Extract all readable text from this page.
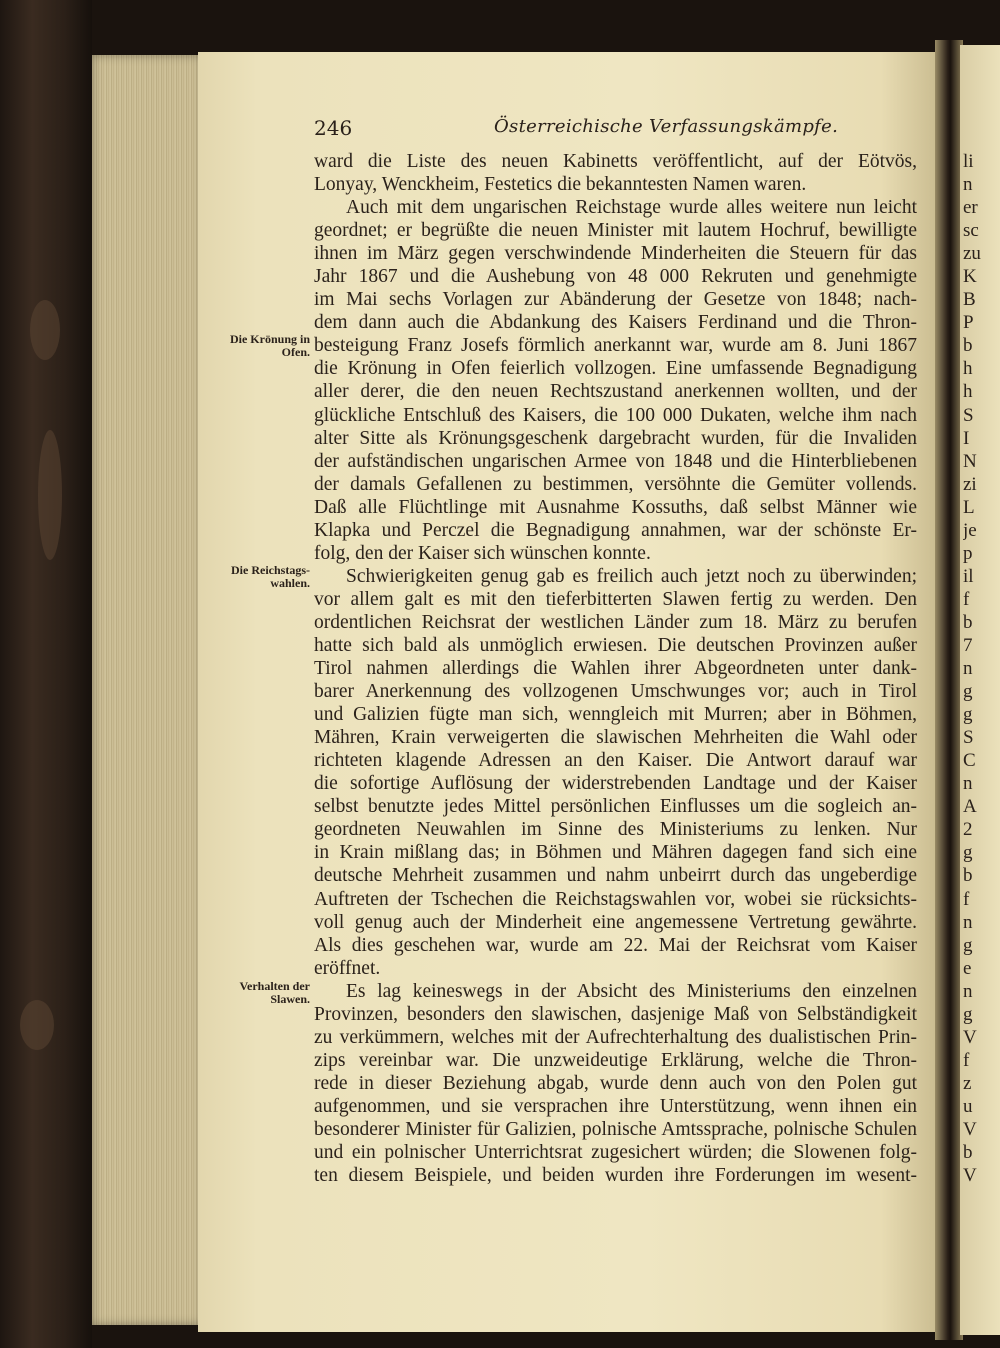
246	Österreichische Verfassungskämpfe.
Die Krönung in Ofen.
Die Reichstags-wahlen.
Verhalten der Slawen.
ward die Liste des neuen Kabinetts veröffentlicht, auf der Eötvös,
Lonyay, Wenckheim, Festetics die bekanntesten Namen waren.
Auch mit dem ungarischen Reichstage wurde alles weitere nun leicht
geordnet; er begrüßte die neuen Minister mit lautem Hochruf, bewilligte
ihnen im März gegen verschwindende Minderheiten die Steuern für das
Jahr 1867 und die Aushebung von 48 000 Rekruten und genehmigte
im Mai sechs Vorlagen zur Abänderung der Gesetze von 1848; nach-
dem dann auch die Abdankung des Kaisers Ferdinand und die Thron-
besteigung Franz Josefs förmlich anerkannt war, wurde am 8. Juni 1867
die Krönung in Ofen feierlich vollzogen. Eine umfassende Begnadigung
aller derer, die den neuen Rechtszustand anerkennen wollten, und der
glückliche Entschluß des Kaisers, die 100 000 Dukaten, welche ihm nach
alter Sitte als Krönungsgeschenk dargebracht wurden, für die Invaliden
der aufständischen ungarischen Armee von 1848 und die Hinterbliebenen
der damals Gefallenen zu bestimmen, versöhnte die Gemüter vollends.
Daß alle Flüchtlinge mit Ausnahme Kossuths, daß selbst Männer wie
Klapka und Perczel die Begnadigung annahmen, war der schönste Er-
folg, den der Kaiser sich wünschen konnte.
Schwierigkeiten genug gab es freilich auch jetzt noch zu überwinden;
vor allem galt es mit den tieferbitterten Slawen fertig zu werden. Den
ordentlichen Reichsrat der westlichen Länder zum 18. März zu berufen
hatte sich bald als unmöglich erwiesen. Die deutschen Provinzen außer
Tirol nahmen allerdings die Wahlen ihrer Abgeordneten unter dank-
barer Anerkennung des vollzogenen Umschwunges vor; auch in Tirol
und Galizien fügte man sich, wenngleich mit Murren; aber in Böhmen,
Mähren, Krain verweigerten die slawischen Mehrheiten die Wahl oder
richteten klagende Adressen an den Kaiser. Die Antwort darauf war
die sofortige Auflösung der widerstrebenden Landtage und der Kaiser
selbst benutzte jedes Mittel persönlichen Einflusses um die sogleich an-
geordneten Neuwahlen im Sinne des Ministeriums zu lenken. Nur
in Krain mißlang das; in Böhmen und Mähren dagegen fand sich eine
deutsche Mehrheit zusammen und nahm unbeirrt durch das ungeberdige
Auftreten der Tschechen die Reichstagswahlen vor, wobei sie rücksichts-
voll genug auch der Minderheit eine angemessene Vertretung gewährte.
Als dies geschehen war, wurde am 22. Mai der Reichsrat vom Kaiser
eröffnet.
Es lag keineswegs in der Absicht des Ministeriums den einzelnen
Provinzen, besonders den slawischen, dasjenige Maß von Selbständigkeit
zu verkümmern, welches mit der Aufrechterhaltung des dualistischen Prin-
zips vereinbar war. Die unzweideutige Erklärung, welche die Thron-
rede in dieser Beziehung abgab, wurde denn auch von den Polen gut
aufgenommen, und sie versprachen ihre Unterstützung, wenn ihnen ein
besonderer Minister für Galizien, polnische Amtssprache, polnische Schulen
und ein polnischer Unterrichtsrat zugesichert würden; die Slowenen folg-
ten diesem Beispiele, und beiden wurden ihre Forderungen im wesent-
li
n
er
sc
zu
K
B
P
b
h
h
S
I
N
zi
L
je
p
il
f
b
7
n
g
g
S
C
n
A
2
g
b
f
n
g
e
n
g
V
f
z
u
V
b
V
